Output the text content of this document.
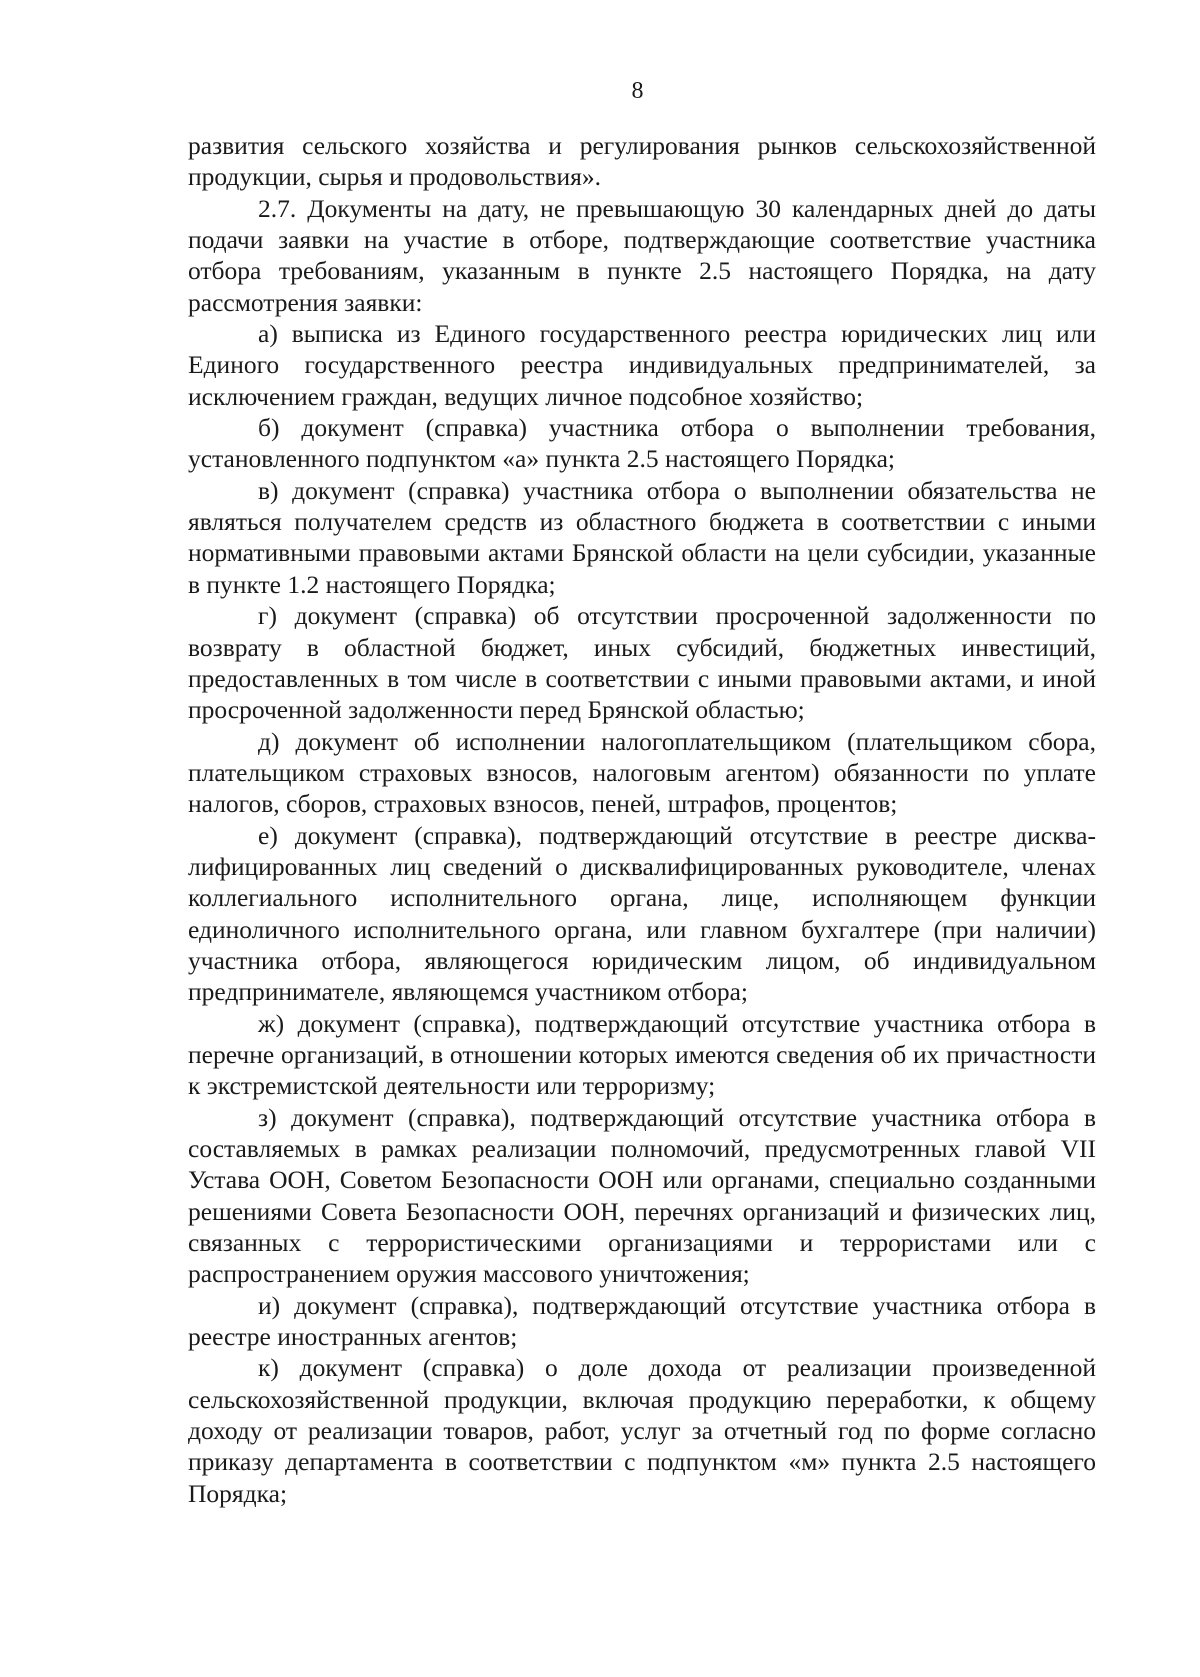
8

развития сельского хозяйства и регулирования рынков сельскохозяйственной продукции, сырья и продовольствия».

2.7. Документы на дату, не превышающую 30 календарных дней до даты подачи заявки на участие в отборе, подтверждающие соответствие участника отбора требованиям, указанным в пункте 2.5 настоящего Порядка, на дату рассмотрения заявки:

а) выписка из Единого государственного реестра юридических лиц или Единого государственного реестра индивидуальных предпринимателей, за исключением граждан, ведущих личное подсобное хозяйство;

б) документ (справка) участника отбора о выполнении требования, установленного подпунктом «а» пункта 2.5 настоящего Порядка;

в) документ (справка) участника отбора о выполнении обязательства не являться получателем средств из областного бюджета в соответствии с иными нормативными правовыми актами Брянской области на цели субсидии, указанные в пункте 1.2 настоящего Порядка;

г) документ (справка) об отсутствии просроченной задолженности по возврату в областной бюджет, иных субсидий, бюджетных инвестиций, предоставленных в том числе в соответствии с иными правовыми актами, и иной просроченной задолженности перед Брянской областью;

д) документ об исполнении налогоплательщиком (плательщиком сбора, плательщиком страховых взносов, налоговым агентом) обязанности по уплате налогов, сборов, страховых взносов, пеней, штрафов, процентов;

е) документ (справка), подтверждающий отсутствие в реестре дисквалифицированных лиц сведений о дисквалифицированных руководителе, членах коллегиального исполнительного органа, лице, исполняющем функции единоличного исполнительного органа, или главном бухгалтере (при наличии) участника отбора, являющегося юридическим лицом, об индивидуальном предпринимателе, являющемся участником отбора;

ж) документ (справка), подтверждающий отсутствие участника отбора в перечне организаций, в отношении которых имеются сведения об их причастности к экстремистской деятельности или терроризму;

з) документ (справка), подтверждающий отсутствие участника отбора в составляемых в рамках реализации полномочий, предусмотренных главой VII Устава ООН, Советом Безопасности ООН или органами, специально созданными решениями Совета Безопасности ООН, перечнях организаций и физических лиц, связанных с террористическими организациями и террористами или с распространением оружия массового уничтожения;

и) документ (справка), подтверждающий отсутствие участника отбора в реестре иностранных агентов;

к) документ (справка) о доле дохода от реализации произведенной сельскохозяйственной продукции, включая продукцию переработки, к общему доходу от реализации товаров, работ, услуг за отчетный год по форме согласно приказу департамента в соответствии с подпунктом «м» пункта 2.5 настоящего Порядка;
